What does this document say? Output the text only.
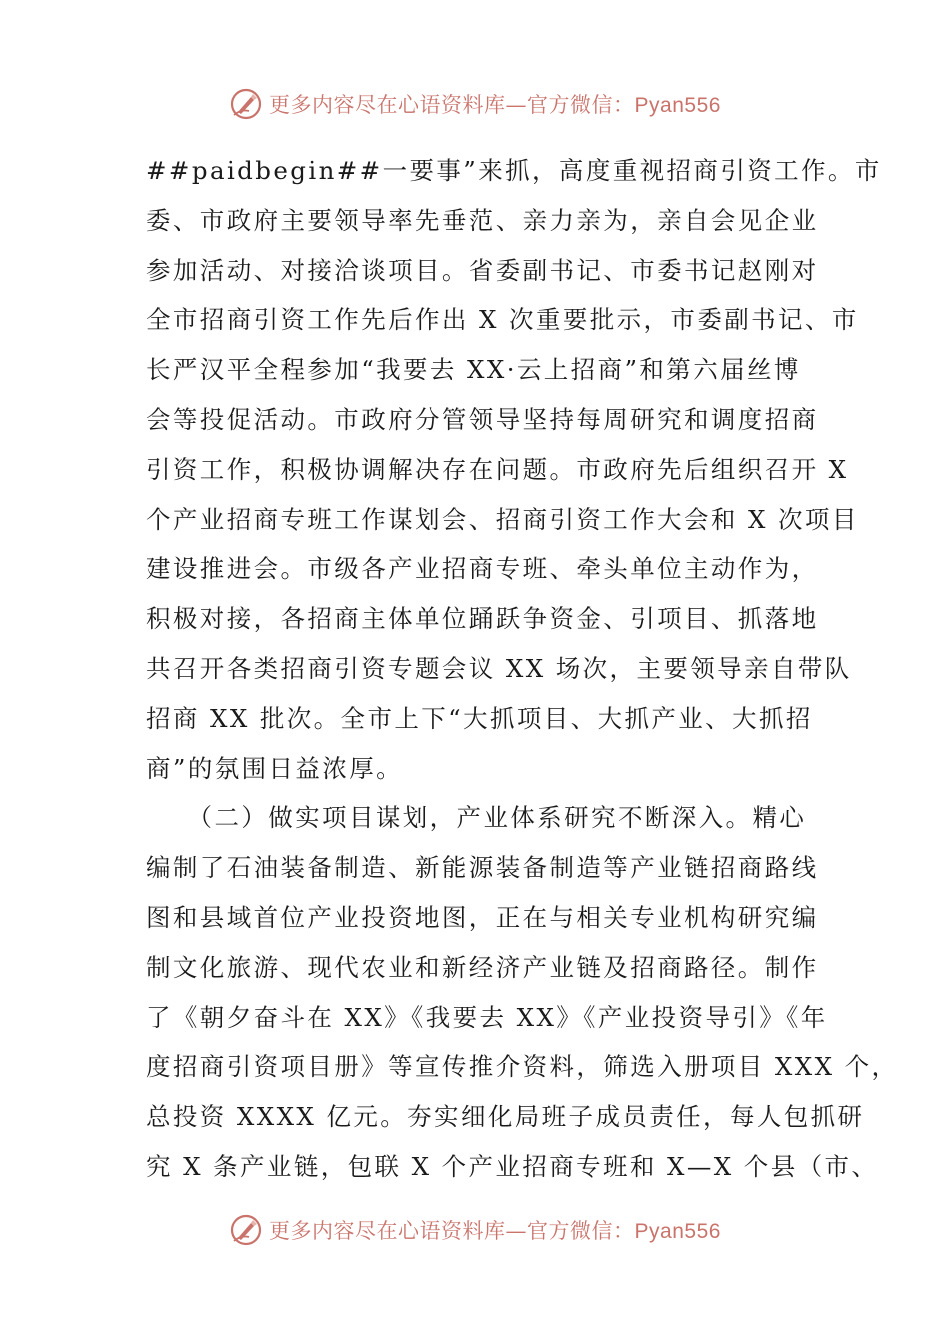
更多内容尽在心语资料库—官方微信：Pyan556
##paidbegin##一要事”来抓，高度重视招商引资工作。市
委、市政府主要领导率先垂范、亲力亲为，亲自会见企业
参加活动、对接洽谈项目。省委副书记、市委书记赵刚对
全市招商引资工作先后作出 X 次重要批示，市委副书记、市
长严汉平全程参加“我要去 XX·云上招商”和第六届丝博
会等投促活动。市政府分管领导坚持每周研究和调度招商
引资工作，积极协调解决存在问题。市政府先后组织召开 X
个产业招商专班工作谋划会、招商引资工作大会和 X 次项目
建设推进会。市级各产业招商专班、牵头单位主动作为，
积极对接，各招商主体单位踊跃争资金、引项目、抓落地
共召开各类招商引资专题会议 XX 场次，主要领导亲自带队
招商 XX 批次。全市上下“大抓项目、大抓产业、大抓招
商”的氛围日益浓厚。
　　（二）做实项目谋划，产业体系研究不断深入。精心
编制了石油装备制造、新能源装备制造等产业链招商路线
图和县域首位产业投资地图，正在与相关专业机构研究编
制文化旅游、现代农业和新经济产业链及招商路径。制作
了《朝夕奋斗在 XX》《我要去 XX》《产业投资导引》《年
度招商引资项目册》等宣传推介资料，筛选入册项目 XXX 个，
总投资 XXXX 亿元。夯实细化局班子成员责任，每人包抓研
究 X 条产业链，包联 X 个产业招商专班和 X—X 个县（市、
更多内容尽在心语资料库—官方微信：Pyan556
